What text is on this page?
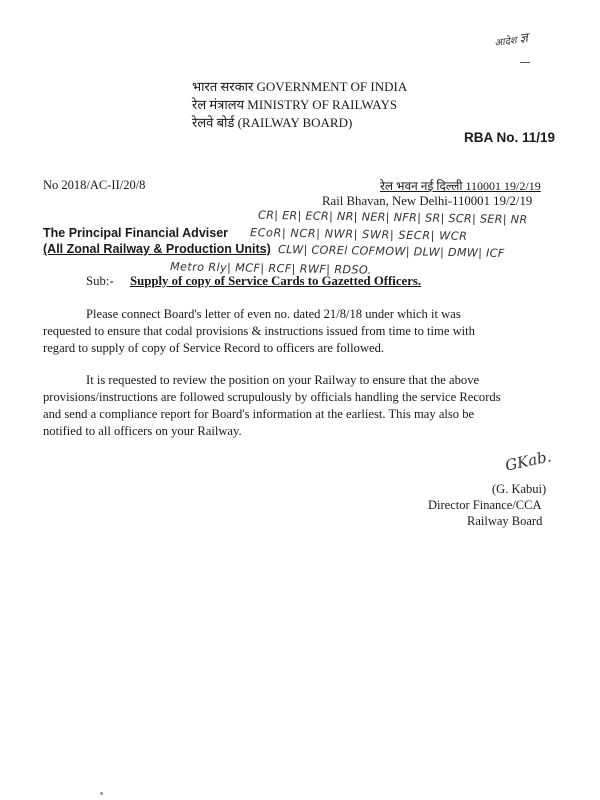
आदेश ज्ञ
भारत सरकार GOVERNMENT OF INDIA
रेल मंत्रालय MINISTRY OF RAILWAYS
रेलवे बोर्ड (RAILWAY BOARD)
RBA No. 11/19
No 2018/AC-II/20/8	रेल भवन नई दिल्ली 110001 19/2/19
Rail Bhavan, New Delhi-110001 19/2/19
The Principal Financial Adviser
(All Zonal Railway & Production Units)
CR| ER| ECR| NR| NER| NFR| SR| SCR| SER| NR
ECoR| NCR| NWR| SWR| SECR| WCR
CLW| COREl COFMOW| DLW| DMW| ICF
Metro Rly| MCF| RCF| RWF| RDSO.
Sub:- Supply of copy of Service Cards to Gazetted Officers.
Please connect Board's letter of even no. dated 21/8/18 under which it was
requested to ensure that codal provisions & instructions issued from time to time with
regard to supply of copy of Service Record to officers are followed.
It is requested to review the position on your Railway to ensure that the above
provisions/instructions are followed scrupulously by officials handling the service Records
and send a compliance report for Board's information at the earliest. This may also be
notified to all officers on your Railway.
GKab.
(G. Kabui)
Director Finance/CCA
Railway Board
